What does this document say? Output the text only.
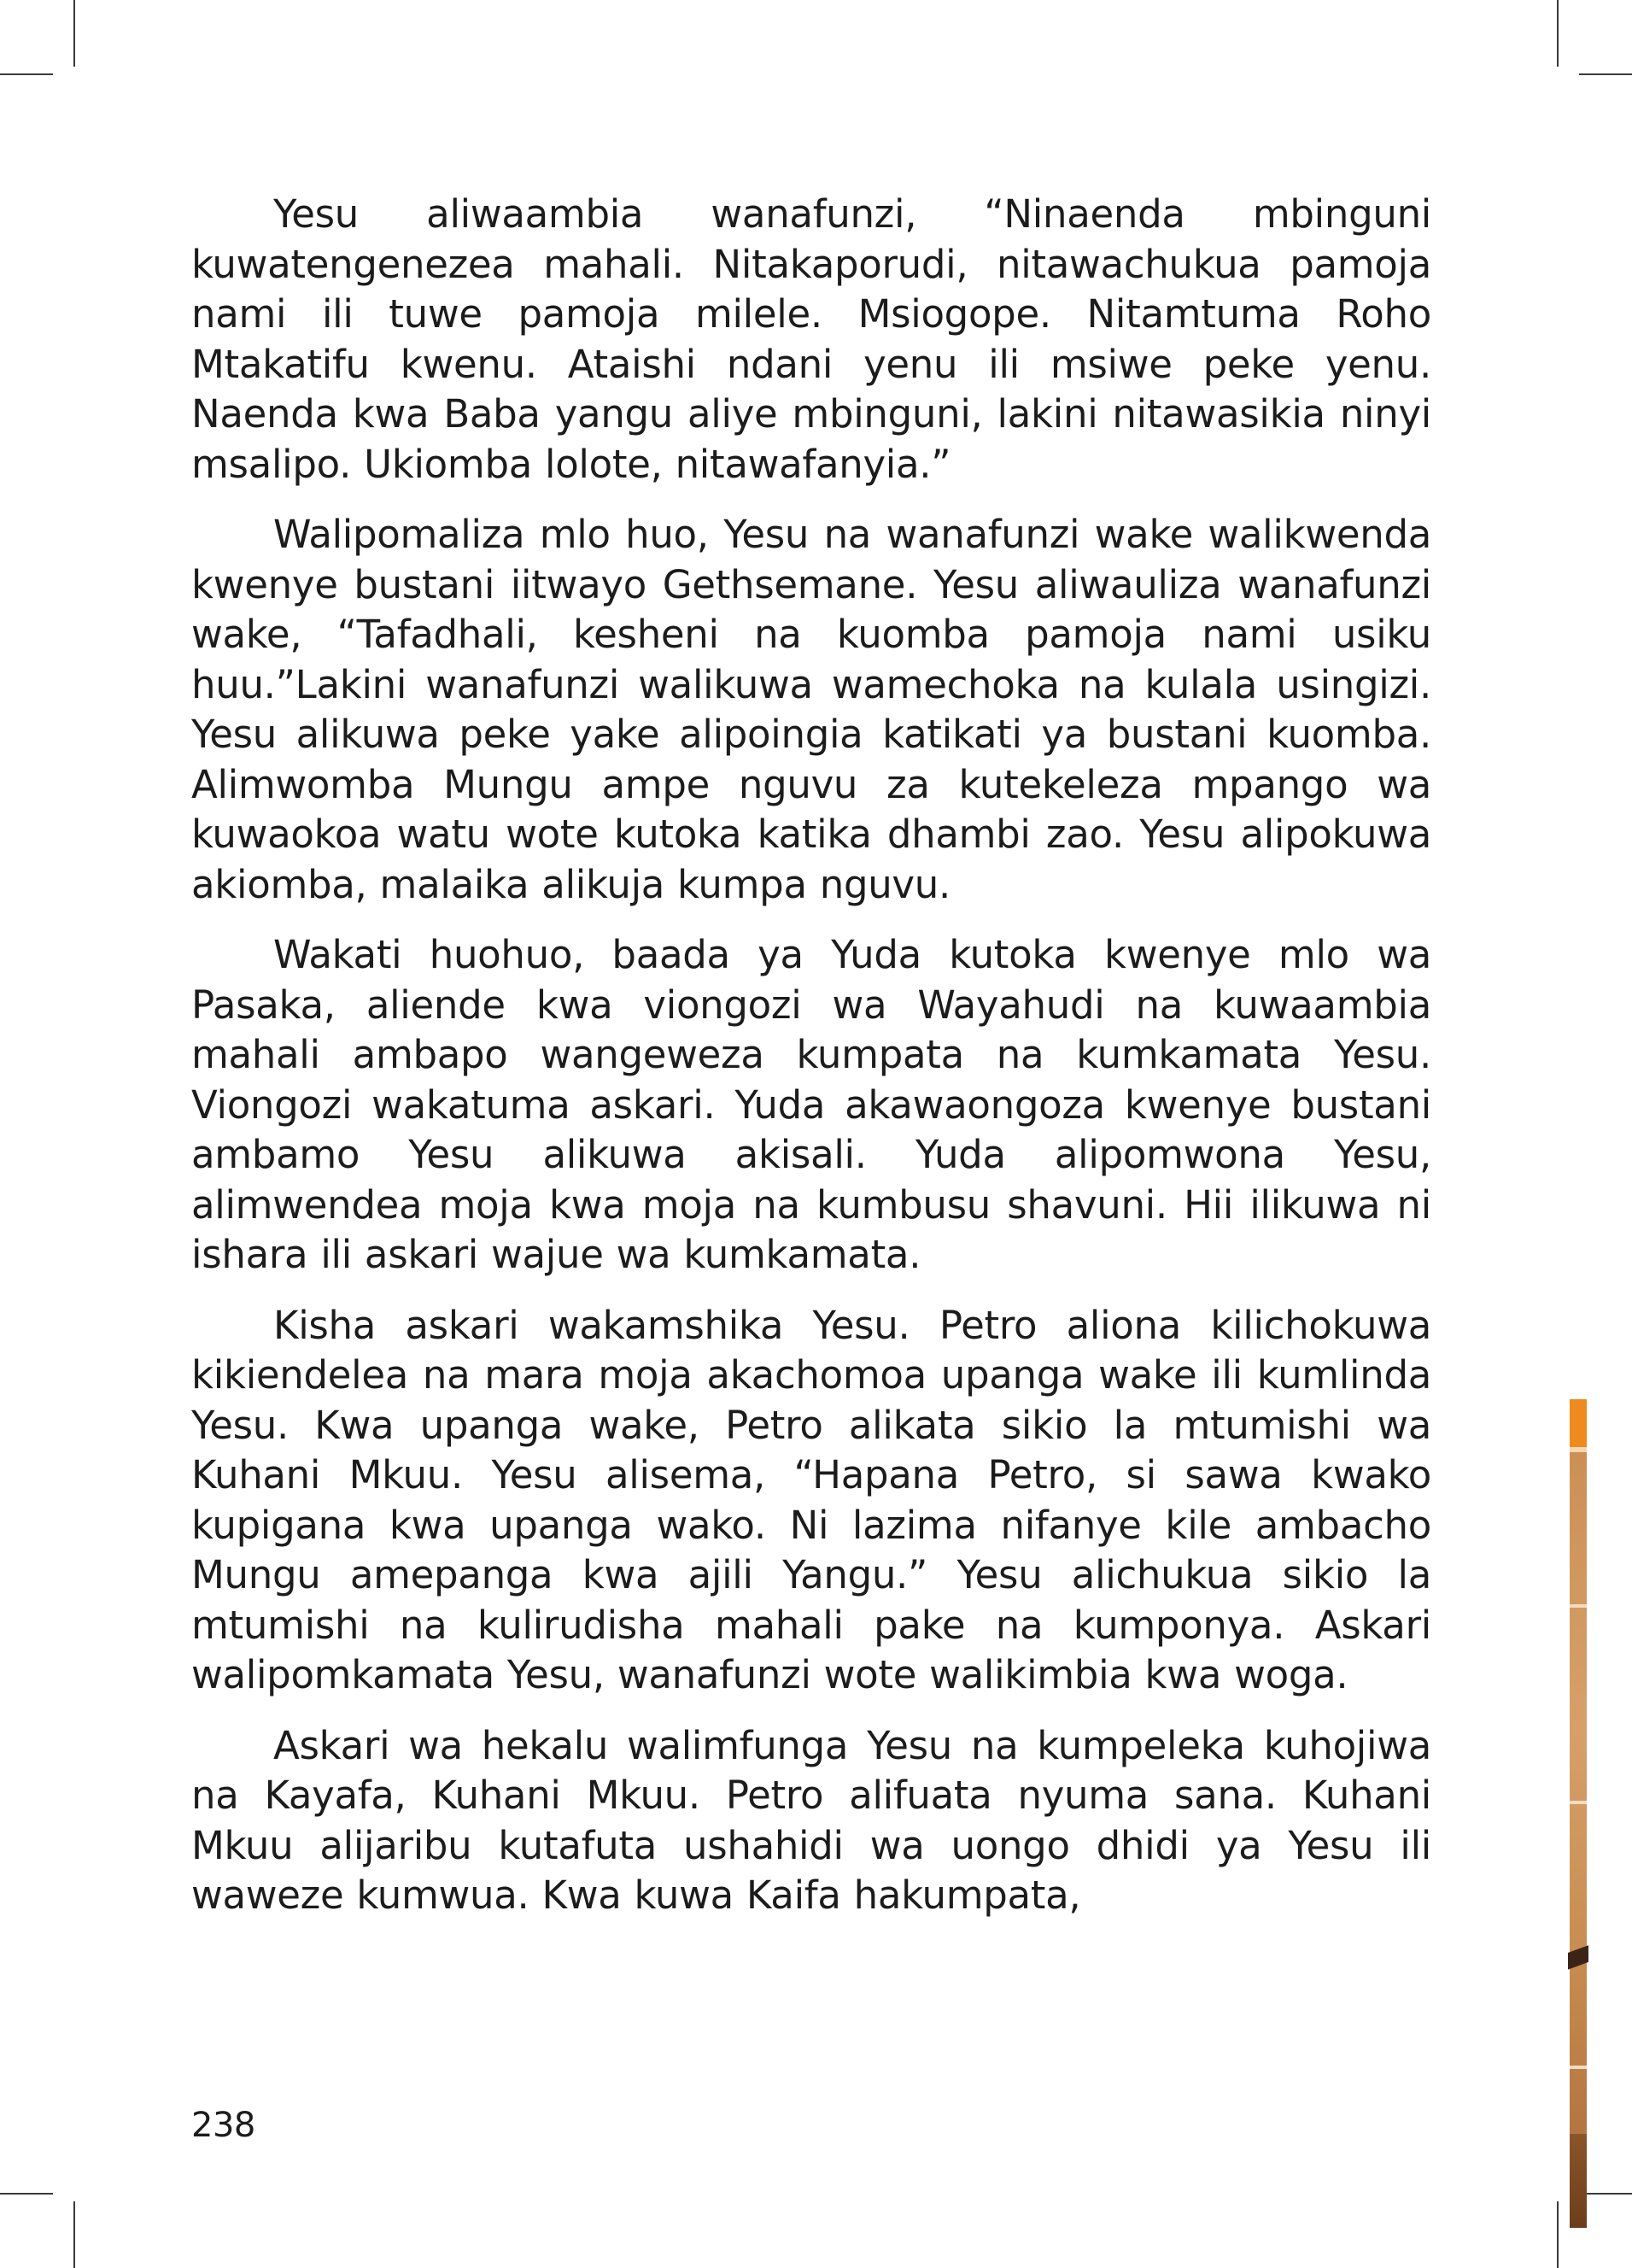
Yesu aliwaambia wanafunzi, “Ninaenda mbinguni kuwatengenezea mahali. Nitakaporudi, nitawachukua pamoja nami ili tuwe pamoja milele. Msiogope. Nitamtuma Roho Mtakatifu kwenu. Ataishi ndani yenu ili msiwe peke yenu. Naenda kwa Baba yangu aliye mbinguni, lakini nitawasikia ninyi msalipo. Ukiomba lolote, nitawafanyia.”

Walipomaliza mlo huo, Yesu na wanafunzi wake walikwenda kwenye bustani iitwayo Gethsemane. Yesu aliwauliza wanafunzi wake, “Tafadhali, kesheni na kuomba pamoja nami usiku huu.”Lakini wanafunzi walikuwa wamechoka na kulala usingizi. Yesu alikuwa peke yake alipoingia katikati ya bustani kuomba. Alimwomba Mungu ampe nguvu za kutekeleza mpango wa kuwaokoa watu wote kutoka katika dhambi zao. Yesu alipokuwa akiomba, malaika alikuja kumpa nguvu.

Wakati huohuo, baada ya Yuda kutoka kwenye mlo wa Pasaka, aliende kwa viongozi wa Wayahudi na kuwaambia mahali ambapo wangeweza kumpata na kumkamata Yesu. Viongozi wakatuma askari. Yuda akawaongoza kwenye bustani ambamo Yesu alikuwa akisali. Yuda alipomwona Yesu, alimwendea moja kwa moja na kumbusu shavuni. Hii ilikuwa ni ishara ili askari wajue wa kumkamata.

Kisha askari wakamshika Yesu. Petro aliona kilichokuwa kikiendelea na mara moja akachomoa upanga wake ili kumlinda Yesu. Kwa upanga wake, Petro alikata sikio la mtumishi wa Kuhani Mkuu. Yesu alisema, “Hapana Petro, si sawa kwako kupigana kwa upanga wako. Ni lazima nifanye kile ambacho Mungu amepanga kwa ajili Yangu.” Yesu alichukua sikio la mtumishi na kulirudisha mahali pake na kumponya. Askari walipomkamata Yesu, wanafunzi wote walikimbia kwa woga.

Askari wa hekalu walimfunga Yesu na kumpeleka kuhojiwa na Kayafa, Kuhani Mkuu. Petro alifuata nyuma sana. Kuhani Mkuu alijaribu kutafuta ushahidi wa uongo dhidi ya Yesu ili waweze kumwua. Kwa kuwa Kaifa hakumpata,

238
